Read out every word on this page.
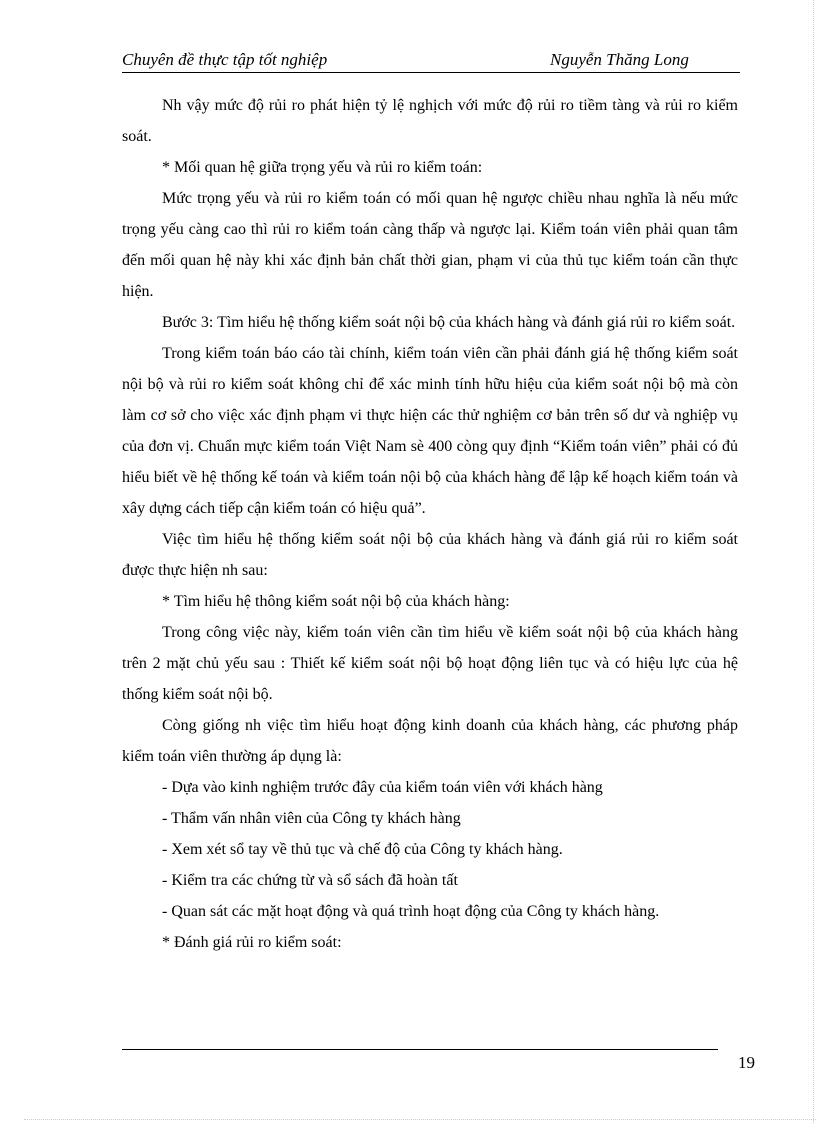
Chuyên đề thực tập tốt nghiệp	Nguyễn Thăng Long

Nh vậy mức độ rủi ro phát hiện tỷ lệ nghịch với mức độ rủi ro tiềm tàng và rủi ro kiểm soát.

* Mối quan hệ giữa trọng yếu và rủi ro kiểm toán:

Mức trọng yếu và rủi ro kiểm toán có mối quan hệ ngược chiều nhau nghĩa là nếu mức trọng yếu càng cao thì rủi ro kiểm toán càng thấp và ngược lại. Kiểm toán viên phải quan tâm đến mối quan hệ này khi xác định bản chất thời gian, phạm vi của thủ tục kiểm toán cần thực hiện.

Bước 3: Tìm hiểu hệ thống kiểm soát nội bộ của khách hàng và đánh giá rủi ro kiểm soát.

Trong kiểm toán báo cáo tài chính, kiểm toán viên cần phải đánh giá hệ thống kiểm soát nội bộ và rủi ro kiểm soát không chỉ để xác minh tính hữu hiệu của kiểm soát nội bộ mà còn làm cơ sở cho việc xác định phạm vi thực hiện các thử nghiệm cơ bản trên số dư và nghiệp vụ của đơn vị. Chuẩn mực kiểm toán Việt Nam sè 400 còng quy định “Kiểm toán viên” phải có đủ hiểu biết về hệ thống kế toán và kiểm toán nội bộ của khách hàng để lập kế hoạch kiểm toán và xây dựng cách tiếp cận kiểm toán có hiệu quả”.

Việc tìm hiểu hệ thống kiểm soát nội bộ của khách hàng và đánh giá rủi ro kiểm soát được thực hiện nh sau:

* Tìm hiểu hệ thông kiểm soát nội bộ của khách hàng:

Trong công việc này, kiểm toán viên cần tìm hiểu về kiểm soát nội bộ của khách hàng trên 2 mặt chủ yếu sau : Thiết kế kiểm soát nội bộ hoạt động liên tục và có hiệu lực của hệ thống kiểm soát nội bộ.

Còng giống nh việc tìm hiểu hoạt động kinh doanh của khách hàng, các phương pháp kiểm toán viên thường áp dụng là:

- Dựa vào kinh nghiệm trước đây của kiểm toán viên với khách hàng

- Thẩm vấn nhân viên của Công ty khách hàng

- Xem xét sổ tay về thủ tục và chế độ của Công ty khách hàng.

- Kiểm tra các chứng từ và sổ sách đã hoàn tất

- Quan sát các mặt hoạt động và quá trình hoạt động của Công ty khách hàng.

* Đánh giá rủi ro kiểm soát:

19
